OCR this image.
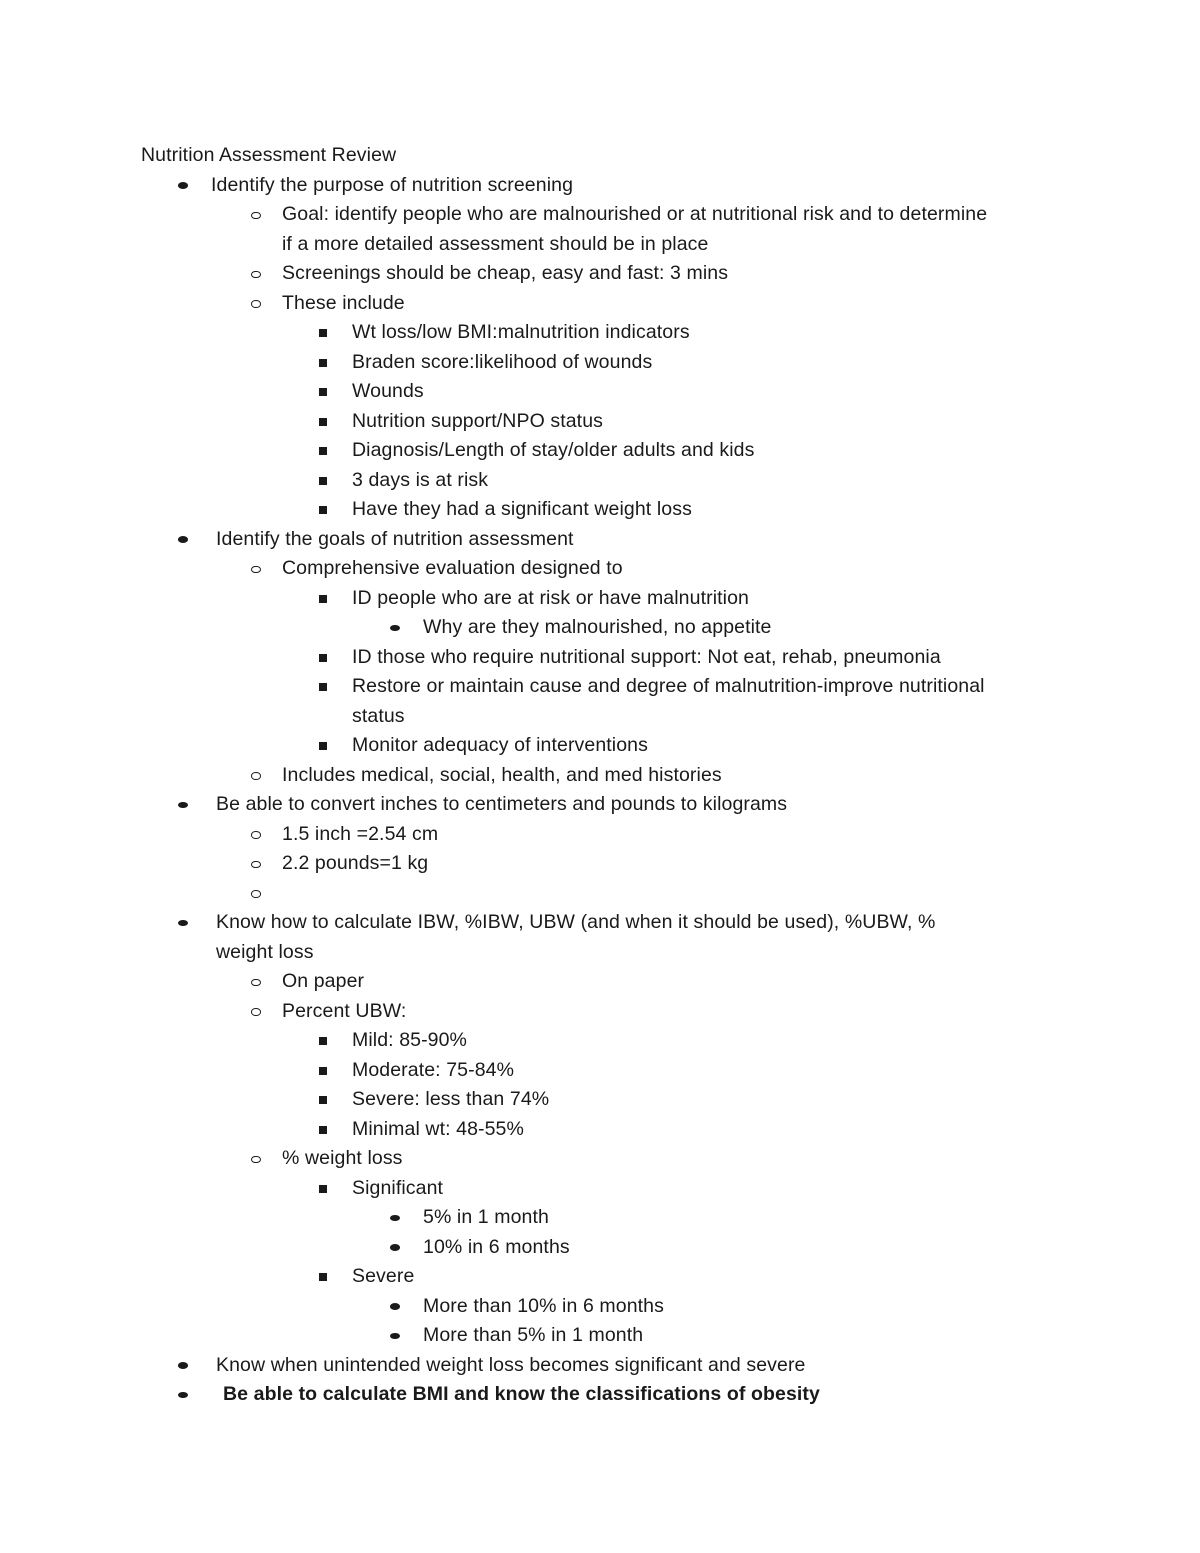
Nutrition Assessment Review
Identify the purpose of nutrition screening
Goal: identify people who are malnourished or at nutritional risk and to determine
if a more detailed assessment should be in place
Screenings should be cheap, easy and fast: 3 mins
These include
Wt loss/low BMI:malnutrition indicators
Braden score:likelihood of wounds
Wounds
Nutrition support/NPO status
Diagnosis/Length of stay/older adults and kids
3 days is at risk
Have they had a significant weight loss
Identify the goals of nutrition assessment
Comprehensive evaluation designed to
ID people who are at risk or have malnutrition
Why are they malnourished, no appetite
ID those who require nutritional support: Not eat, rehab, pneumonia
Restore or maintain cause and degree of malnutrition-improve nutritional
status
Monitor adequacy of interventions
Includes medical, social, health, and med histories
Be able to convert inches to centimeters and pounds to kilograms
1.5 inch =2.54 cm
2.2 pounds=1 kg

Know how to calculate IBW, %IBW, UBW (and when it should be used), %UBW, %
weight loss
On paper
Percent UBW:
Mild: 85-90%
Moderate: 75-84%
Severe: less than 74%
Minimal wt: 48-55%
% weight loss
Significant
5% in 1 month
10% in 6 months
Severe
More than 10% in 6 months
More than 5% in 1 month
Know when unintended weight loss becomes significant and severe
Be able to calculate BMI and know the classifications of obesity
